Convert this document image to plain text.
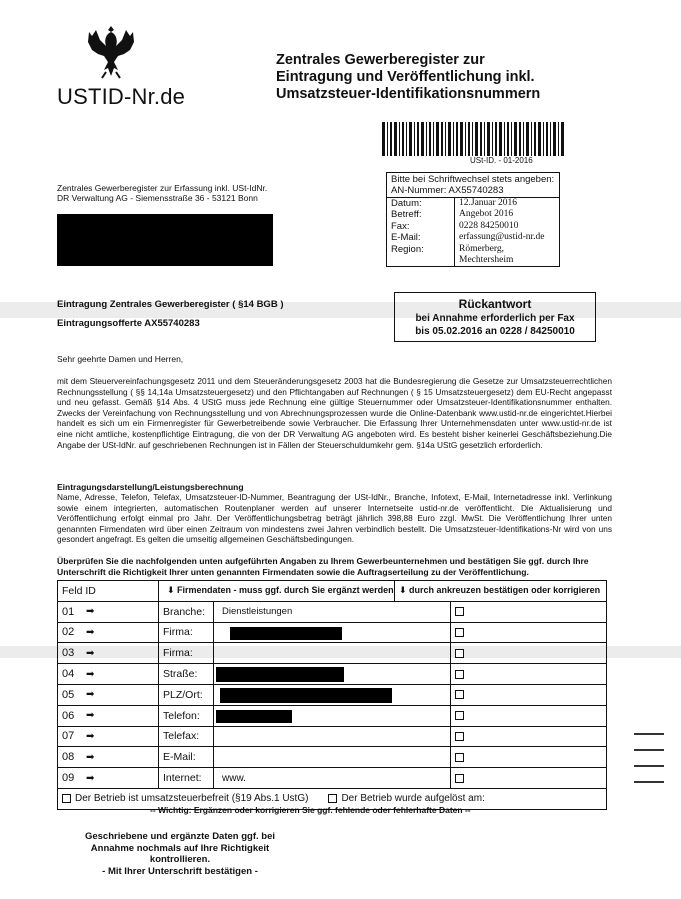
USTID-Nr.de
Zentrales Gewerberegister zur
Eintragung und Veröffentlichung inkl.
Umsatzsteuer-Identifikationsnummern
USt-ID. - 01-2016
Zentrales Gewerberegister zur Erfassung inkl. USt-IdNr.
DR Verwaltung AG - Siemensstraße 36 - 53121 Bonn
Bitte bei Schriftwechsel stets angeben:
AN-Nummer: AX55740283
Datum:	12.Januar 2016
Betreff:	Angebot 2016
Fax:	0228 84250010
E-Mail:	erfassung@ustid-nr.de
Region:	Römerberg, Mechtersheim
Eintragung Zentrales Gewerberegister ( §14 BGB )
Eintragungsofferte AX55740283
Rückantwort
bei Annahme erforderlich per Fax
bis 05.02.2016 an 0228 / 84250010
Sehr geehrte Damen und Herren,
mit dem Steuervereinfachungsgesetz 2011 und dem Steueränderungsgesetz 2003 hat die Bundesregierung die Gesetze zur Umsatzsteuerrechtlichen Rechnungsstellung ( §§ 14,14a Umsatzsteuergesetz) und den Pflichtangaben auf Rechnungen ( § 15 Umsatzsteuergesetz) dem EU-Recht angepasst und neu gefasst. Gemäß §14 Abs. 4 UStG muss jede Rechnung eine gültige Steuernummer oder Umsatzsteuer-Identifikationsnummer enthalten. Zwecks der Vereinfachung von Rechnungsstellung und von Abrechnungsprozessen wurde die Online-Datenbank www.ustid-nr.de eingerichtet.Hierbei handelt es sich um ein Firmenregister für Gewerbetreibende sowie Verbraucher. Die Erfassung Ihrer Unternehmensdaten unter www.ustid-nr.de ist eine nicht amtliche, kostenpflichtige Eintragung, die von der DR Verwaltung AG angeboten wird. Es besteht bisher keinerlei Geschäftsbeziehung.Die Angabe der USt-IdNr. auf geschriebenen Rechnungen ist in Fällen der Steuerschuldumkehr gem. §14a UStG gesetzlich erforderlich.
Eintragungsdarstellung/Leistungsberechnung
Name, Adresse, Telefon, Telefax, Umsatzsteuer-ID-Nummer, Beantragung der USt-IdNr., Branche, Infotext, E-Mail, Internetadresse inkl. Verlinkung sowie einem integrierten, automatischen Routenplaner werden auf unserer Internetseite ustid-nr.de veröffentlicht. Die Aktualisierung und Veröffentlichung erfolgt einmal pro Jahr. Der Veröffentlichungsbetrag beträgt jährlich 398,88 Euro zzgl. MwSt. Die Veröffentlichung Ihrer unten genannten Firmendaten wird über einen Zeitraum von mindestens zwei Jahren verbindlich bestellt. Die Umsatzsteuer-Identifikations-Nr wird von uns gesondert angefragt. Es gelten die umseitig allgemeinen Geschäftsbedingungen.
Überprüfen Sie die nachfolgenden unten aufgeführten Angaben zu Ihrem Gewerbeunternehmen und bestätigen Sie ggf. durch Ihre Unterschrift die Richtigkeit Ihrer unten genannten Firmendaten sowie die Auftragserteilung zu der Veröffentlichung.
Feld ID	⬇ Firmendaten - muss ggf. durch Sie ergänzt werden ⬇ durch ankreuzen bestätigen oder korrigieren
01	➡	Branche:	Dienstleistungen
02	➡	Firma:
03	➡	Firma:
04	➡	Straße:
05	➡	PLZ/Ort:
06	➡	Telefon:
07	➡	Telefax:
08	➡	E-Mail:
09	➡	Internet:	www.
Der Betrieb ist umsatzsteuerbefreit (§19 Abs.1 UstG)	Der Betrieb wurde aufgelöst am:
-- Wichtig: Ergänzen oder korrigieren Sie ggf. fehlende oder fehlerhafte Daten --
Geschriebene und ergänzte Daten ggf. bei
Annahme nochmals auf Ihre Richtigkeit
kontrollieren.
- Mit Ihrer Unterschrift bestätigen -
